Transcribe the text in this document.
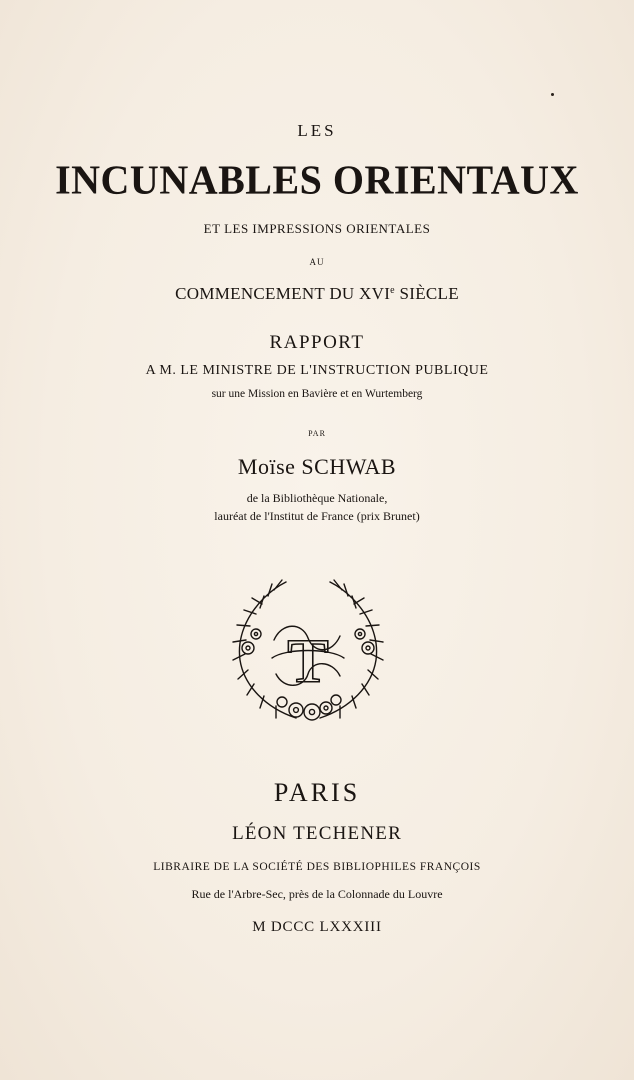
LES
INCUNABLES ORIENTAUX
ET LES IMPRESSIONS ORIENTALES
AU
COMMENCEMENT DU XVIe SIÈCLE
RAPPORT
A M. LE MINISTRE DE L'INSTRUCTION PUBLIQUE
sur une Mission en Bavière et en Wurtemberg
PAR
Moïse SCHWAB
de la Bibliothèque Nationale,
lauréat de l'Institut de France (prix Brunet)
T
PARIS
LÉON TECHENER
LIBRAIRE DE LA SOCIÉTÉ DES BIBLIOPHILES FRANÇOIS
Rue de l'Arbre-Sec, près de la Colonnade du Louvre
M DCCC LXXXIII
